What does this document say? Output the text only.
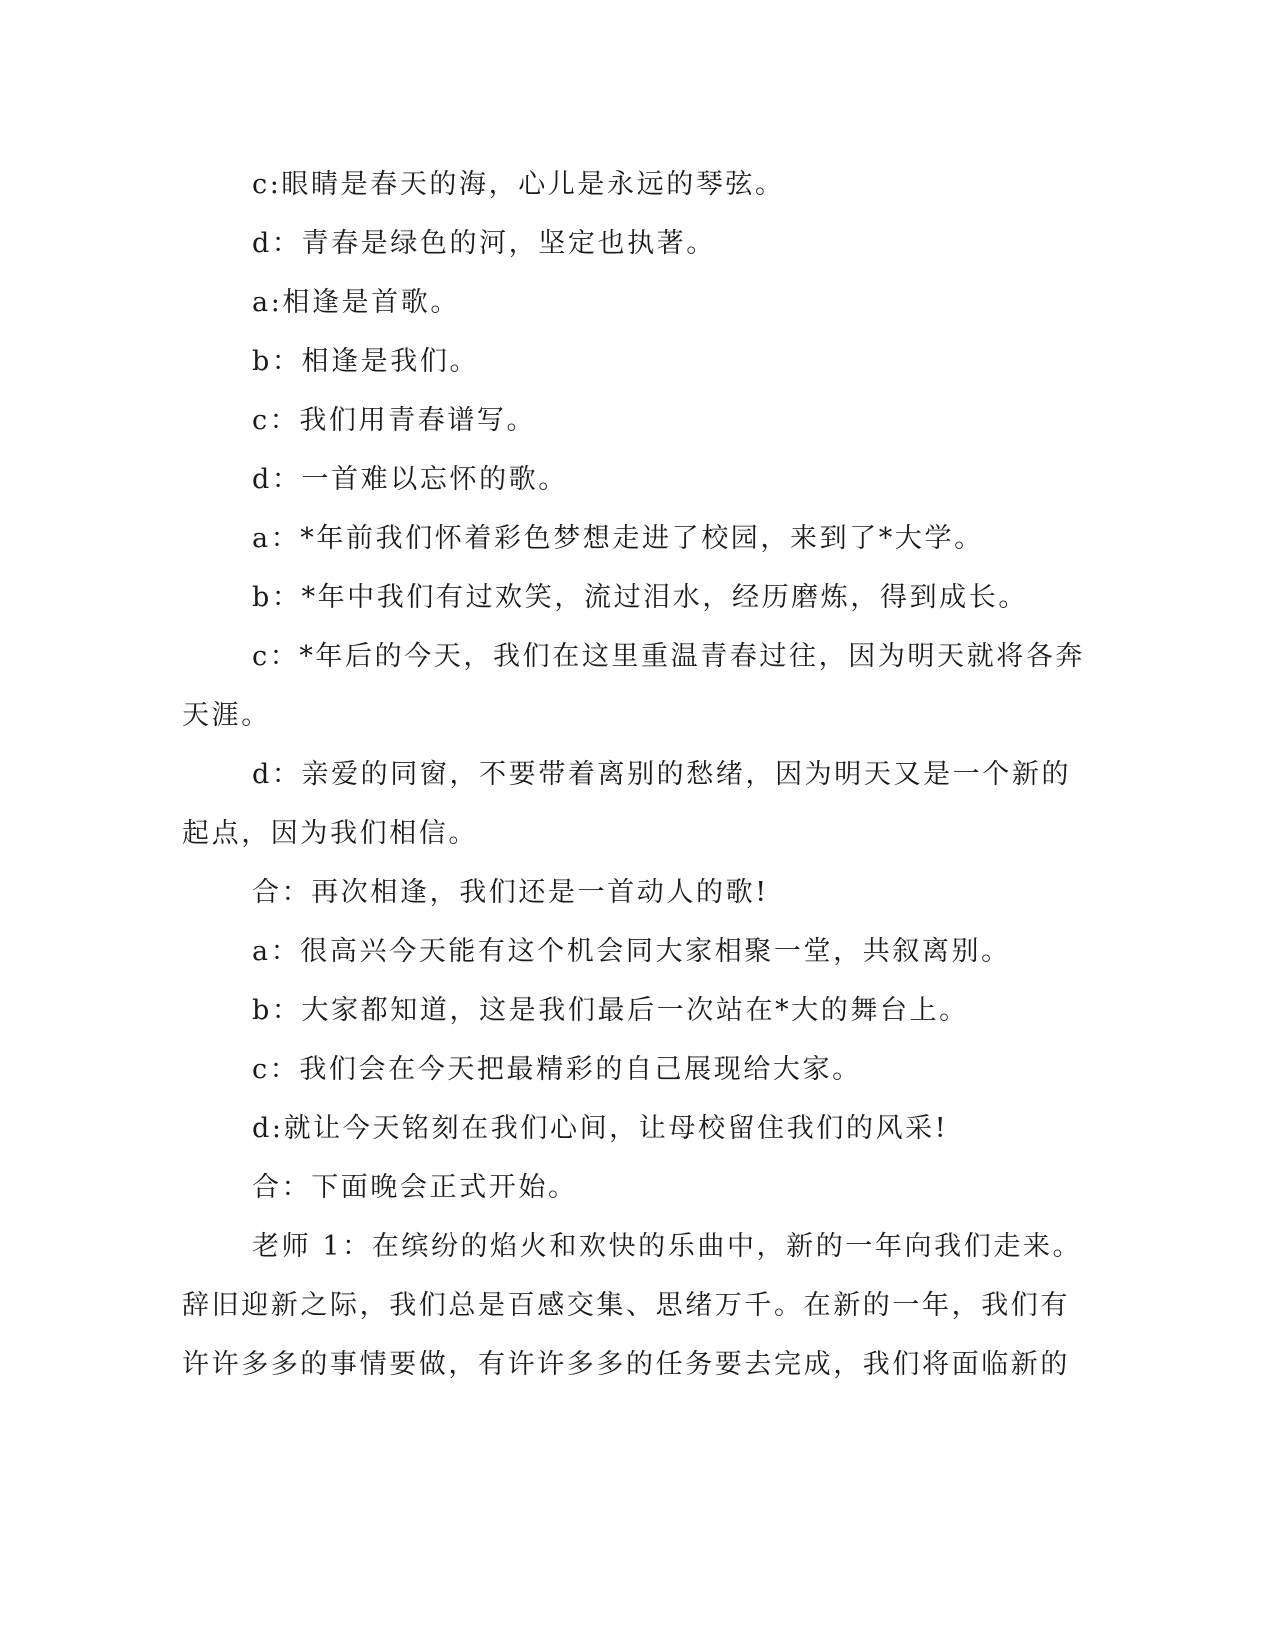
c:眼睛是春天的海，心儿是永远的琴弦。
d：青春是绿色的河，坚定也执著。
a:相逢是首歌。
b：相逢是我们。
c：我们用青春谱写。
d：一首难以忘怀的歌。
a：*年前我们怀着彩色梦想走进了校园，来到了*大学。
b：*年中我们有过欢笑，流过泪水，经历磨炼，得到成长。
c：*年后的今天，我们在这里重温青春过往，因为明天就将各奔
天涯。
d：亲爱的同窗，不要带着离别的愁绪，因为明天又是一个新的
起点，因为我们相信。
合：再次相逢，我们还是一首动人的歌!
a：很高兴今天能有这个机会同大家相聚一堂，共叙离别。
b：大家都知道，这是我们最后一次站在*大的舞台上。
c：我们会在今天把最精彩的自己展现给大家。
d:就让今天铭刻在我们心间，让母校留住我们的风采!
合：下面晚会正式开始。
老师 1：在缤纷的焰火和欢快的乐曲中，新的一年向我们走来。
辞旧迎新之际，我们总是百感交集、思绪万千。在新的一年，我们有
许许多多的事情要做，有许许多多的任务要去完成，我们将面临新的
